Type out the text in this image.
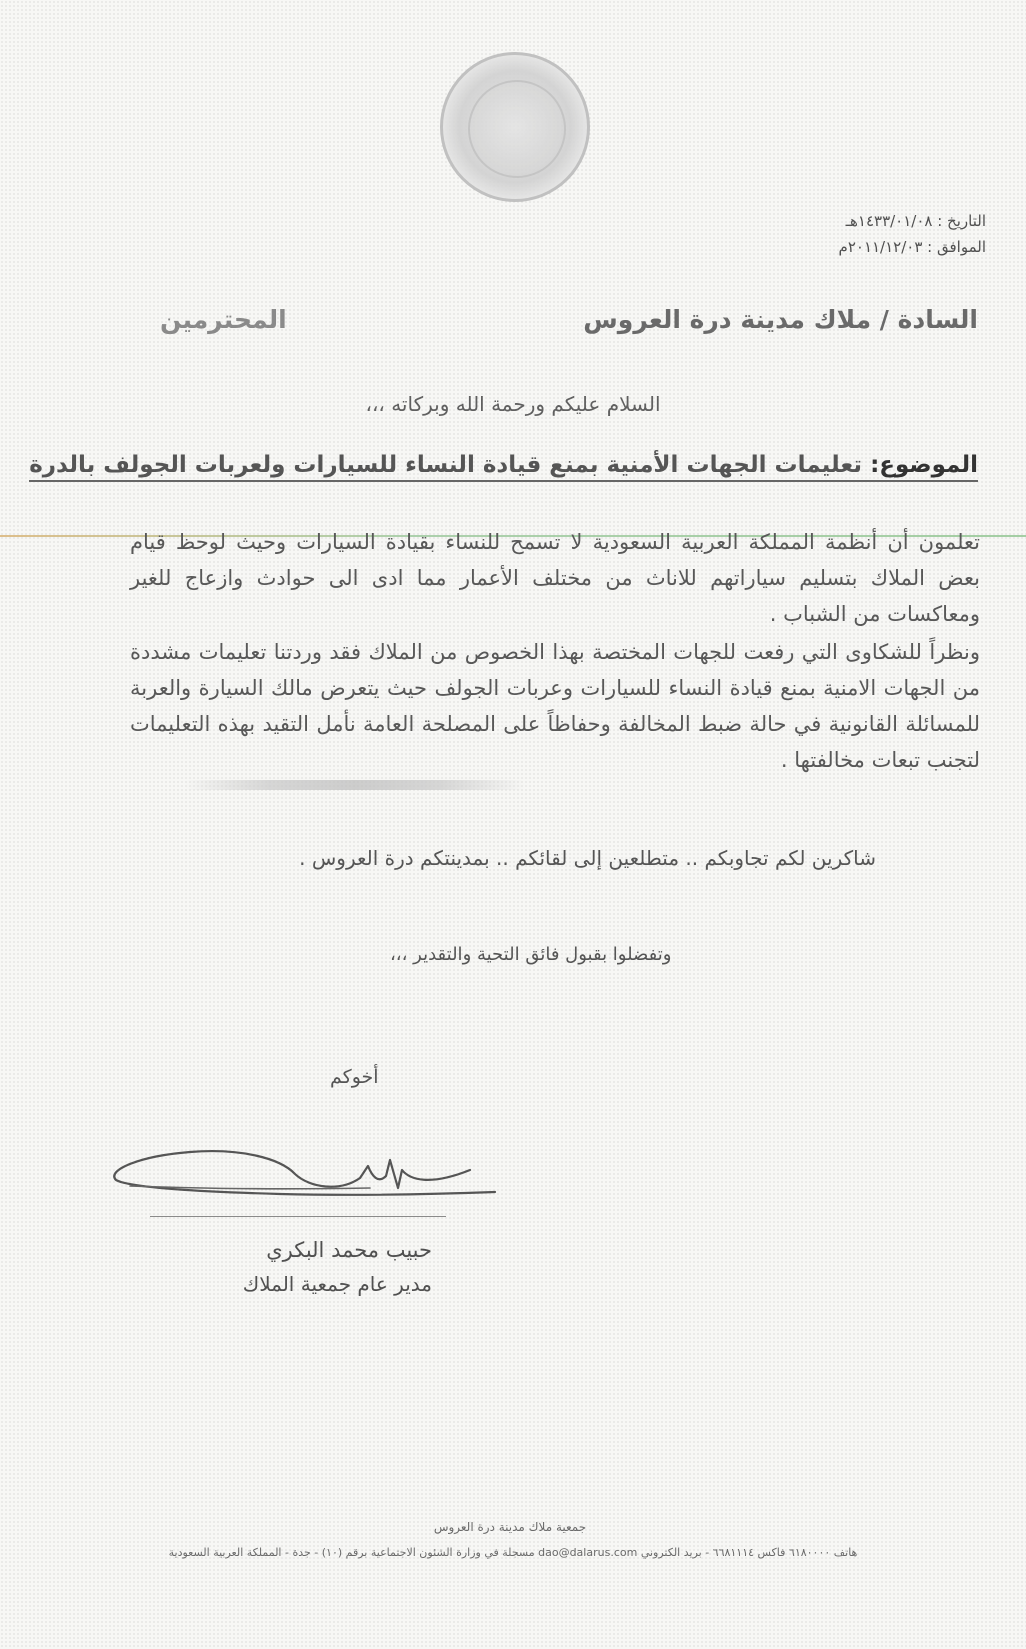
التاريخ : ١٤٣٣/٠١/٠٨هـ
الموافق : ٢٠١١/١٢/٠٣م
السادة / ملاك مدينة درة العروس
المحترمين
السلام عليكم ورحمة الله وبركاته ،،،
الموضوع: تعليمات الجهات الأمنية بمنع قيادة النساء للسيارات ولعربات الجولف بالدرة
تعلمون أن أنظمة المملكة العربية السعودية لا تسمح للنساء بقيادة السيارات وحيث لوحظ قيام بعض الملاك بتسليم سياراتهم للاناث من مختلف الأعمار مما ادى الى حوادث وازعاج للغير ومعاكسات من الشباب .
ونظراً للشكاوى التي رفعت للجهات المختصة بهذا الخصوص من الملاك فقد وردتنا تعليمات مشددة من الجهات الامنية بمنع قيادة النساء للسيارات وعربات الجولف حيث يتعرض مالك السيارة والعربة للمسائلة القانونية في حالة ضبط المخالفة وحفاظاً على المصلحة العامة نأمل التقيد بهذه التعليمات لتجنب تبعات مخالفتها .
شاكرين لكم تجاوبكم .. متطلعين إلى لقائكم .. بمدينتكم درة العروس .
وتفضلوا بقبول فائق التحية والتقدير ،،،
أخوكم
حبيب محمد البكري
مدير عام جمعية الملاك
جمعية ملاك مدينة درة العروس
هاتف ٦١٨٠٠٠٠ فاكس ٦٦٨١١١٤ - بريد الكتروني dao@dalarus.com مسجلة في وزارة الشئون الاجتماعية برقم (١٠) - جدة - المملكة العربية السعودية
